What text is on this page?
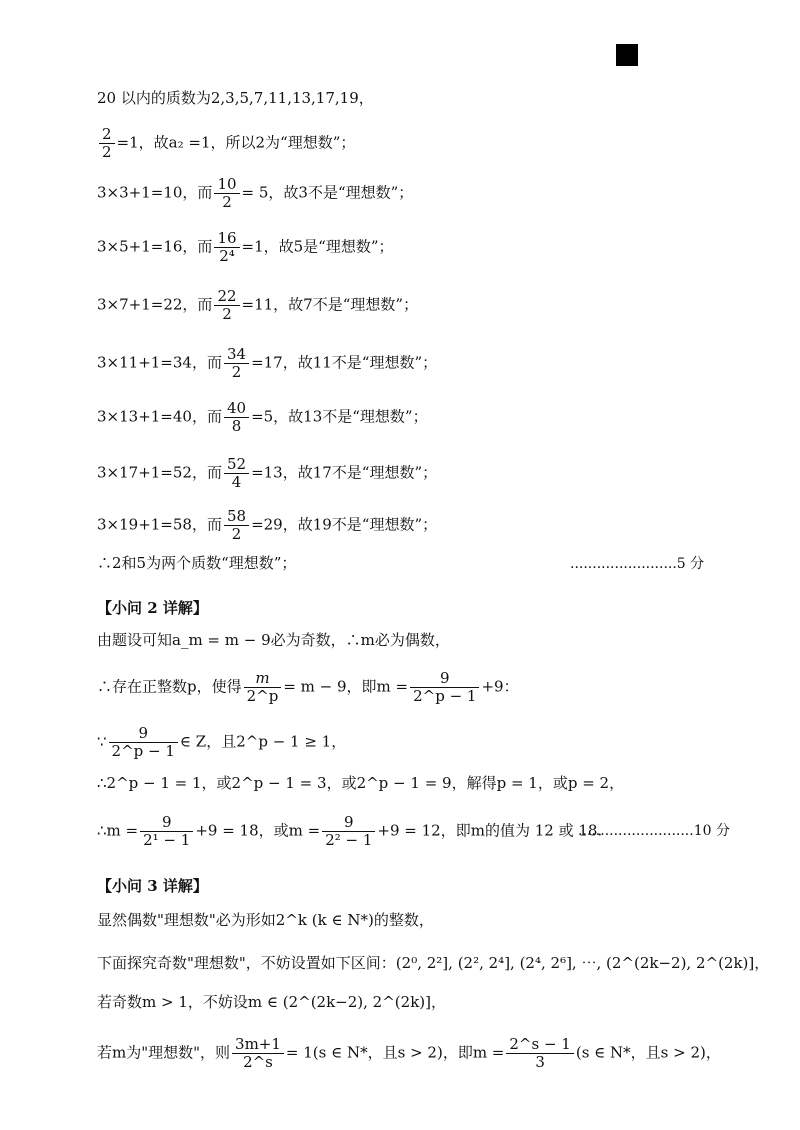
20 以内的质数为2,3,5,7,11,13,17,19，
$\frac{2}{2} =1$，故a₂ =1，所以2为“理想数”；
3×3+1=10，而 $\frac{10}{2} = 5$，故3不是“理想数”；
3×5+1=16，而 $\frac{16}{\text{2⁴}} =1$，故5是“理想数”；
3×7+1=22，而 $\frac{22}{2} =11$，故7不是“理想数”；
3×11+1=34，而 $\frac{34}{2} =17$，故11不是“理想数”；
3×13+1=40，而 $\frac{40}{8} =5$，故13不是“理想数”；
3×17+1=52，而 $\frac{52}{4} =13$，故17不是“理想数”；
3×19+1=58，而 $\frac{58}{2} =29$，故19不是“理想数”；
∴2和5为两个质数“理想数”；	........................5 分
【小问 2 详解】
由题设可知a_m = m − 9必为奇数，∴m必为偶数，
∴存在正整数p，使得 $\frac{m}{2\^{}p} = m - 9$，即$m = \frac{9}{2\^{}p - 1} +9$：
∵ $\frac{9}{2\^{}p - 1}$ ∈ Z，且2^p − 1 ≥ 1，
∴2^p − 1 = 1，或2^p − 1 = 3，或2^p − 1 = 9，解得p = 1，或p = 2，
∴m = $\frac{9}{\text{2¹ − 1}} +9 = 18$，或$m = \frac{9}{\text{2² − 1}} +9 = 12$，即m的值为 12 或 18.
..........................10 分
【小问 3 详解】
显然偶数"理想数"必为形如2^k (k ∈ N*)的整数，
下面探究奇数"理想数"，不妨设置如下区间：(2⁰, 2²], (2², 2⁴], (2⁴, 2⁶], ⋯, (2^(2k−2), 2^(2k)]，
若奇数m > 1，不妨设m ∈ (2^(2k−2), 2^(2k)]，
若m为"理想数"，则 $\frac{3m+1}{2\^{}s} = 1(s$ ∈ N*，且s > 2)，即$m = \frac{2\^{}s - 1}{3} (s$ ∈ N*，且s > 2)，
